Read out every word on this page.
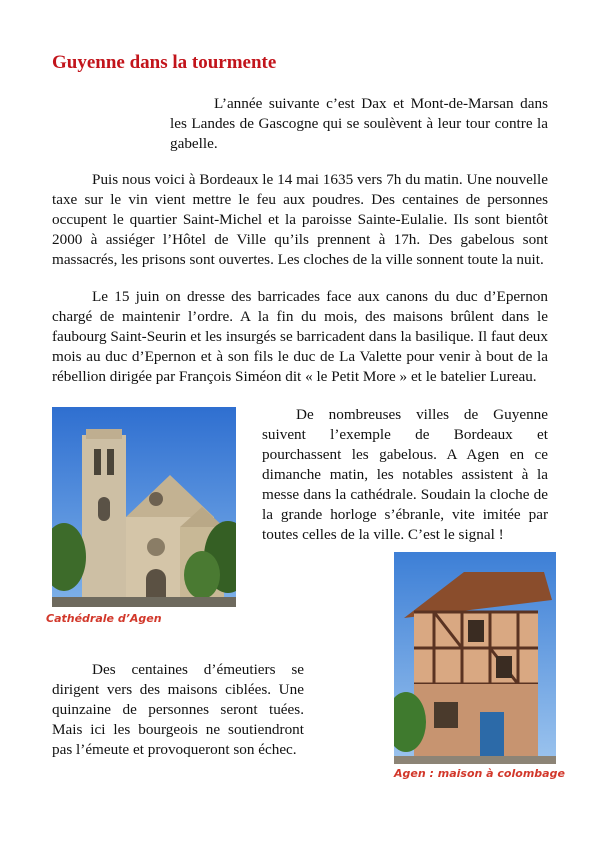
Guyenne dans la tourmente

L’année suivante c’est Dax et Mont-de-Marsan dans les Landes de Gascogne qui se soulèvent à leur tour contre la gabelle.

Puis nous voici à Bordeaux le 14 mai 1635 vers 7h du matin. Une nouvelle taxe sur le vin vient mettre le feu aux poudres. Des centaines de personnes occupent le quartier Saint-Michel et la paroisse Sainte-Eulalie. Ils sont bientôt 2000 à assiéger l’Hôtel de Ville qu’ils prennent à 17h. Des gabelous sont massacrés, les prisons sont ouvertes. Les cloches de la ville sonnent toute la nuit.

Le 15 juin on dresse des barricades face aux canons du duc d’Epernon chargé de maintenir l’ordre. A la fin du mois, des maisons brûlent dans le faubourg Saint-Seurin et les insurgés se barricadent dans la basilique. Il faut deux mois au duc d’Epernon et à son fils le duc de La Valette pour venir à bout de la rébellion dirigée par François Siméon dit « le Petit More » et le batelier Lureau.

De nombreuses villes de Guyenne suivent l’exemple de Bordeaux et pourchassent les gabelous. A Agen en ce dimanche matin, les notables assistent à la messe dans la cathédrale. Soudain la cloche de la grande horloge s’ébranle, vite imitée par toutes celles de la ville. C’est le signal !

Des centaines d’émeutiers se dirigent vers des maisons ciblées. Une quinzaine de personnes seront tuées. Mais ici les bourgeois ne soutiendront pas l’émeute et provoqueront son échec.

Cathédrale d’Agen

Agen : maison à colombage
